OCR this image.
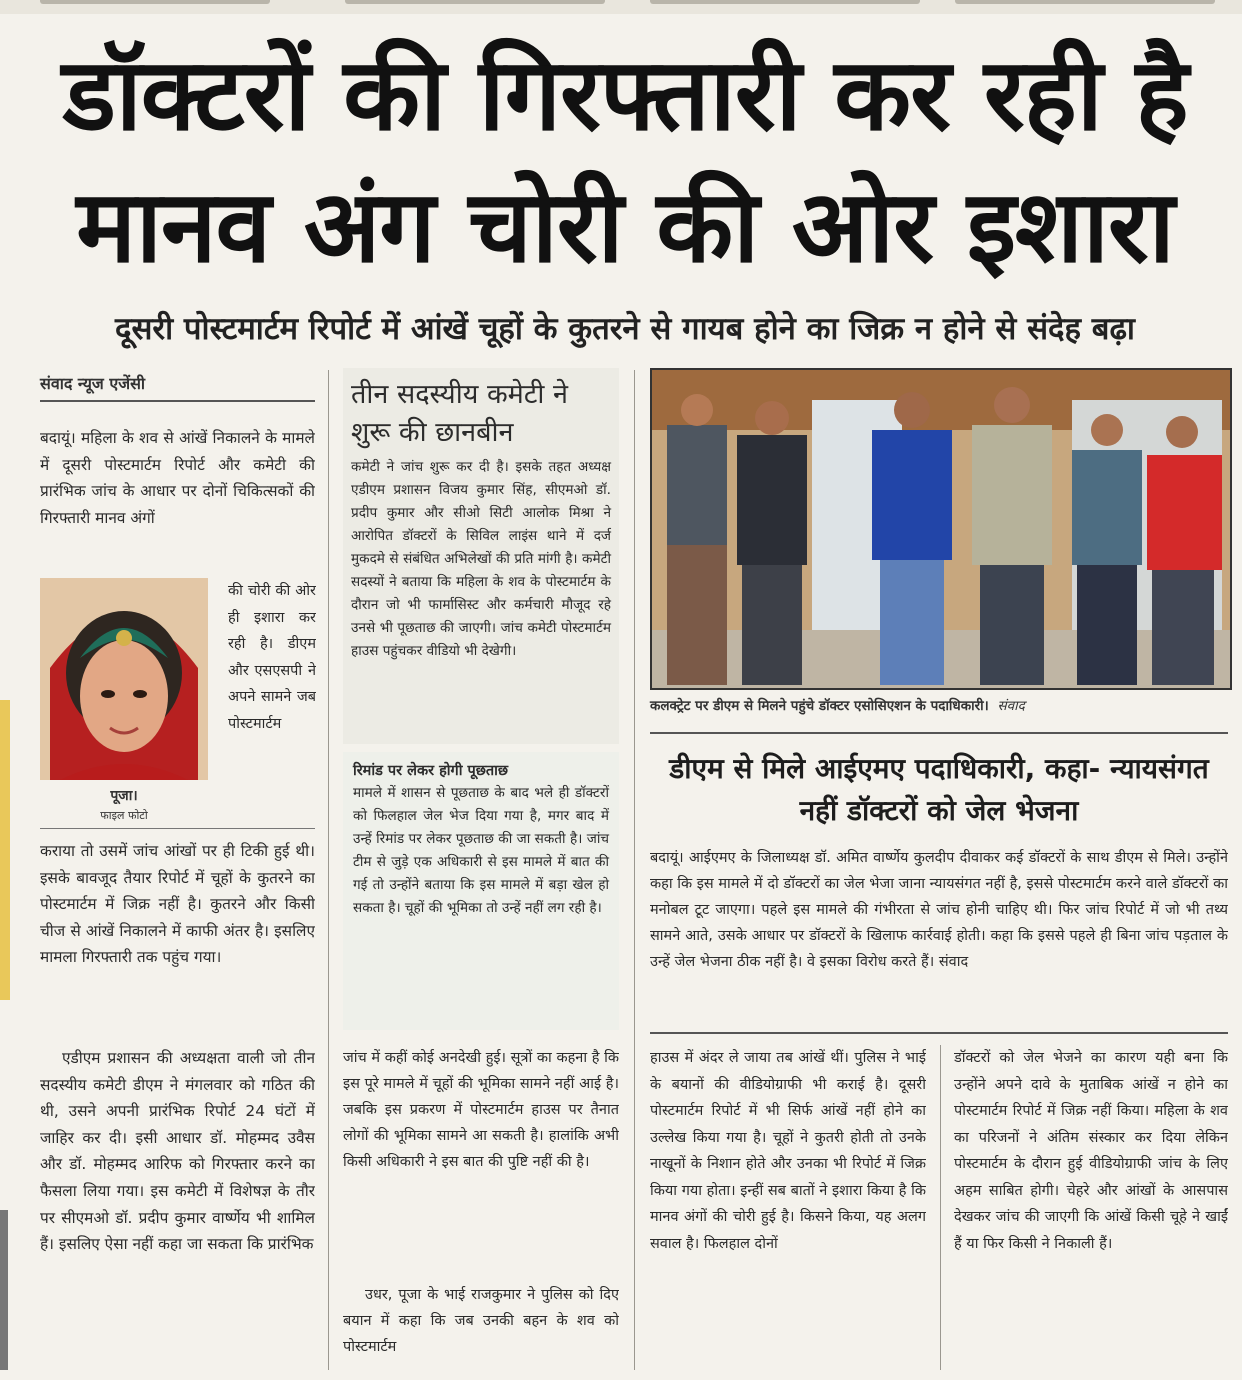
डॉक्टरों की गिरफ्तारी कर रही है
मानव अंग चोरी की ओर इशारा
दूसरी पोस्टमार्टम रिपोर्ट में आंखें चूहों के कुतरने से गायब होने का जिक्र न होने से संदेह बढ़ा
संवाद न्यूज एजेंसी

बदायूं। महिला के शव से आंखें निकालने के मामले में दूसरी पोस्टमार्टम रिपोर्ट और कमेटी की प्रारंभिक जांच के आधार पर दोनों चिकित्सकों की गिरफ्तारी मानव अंगों

पूजा।
फाइल फोटो

की चोरी की ओर ही इशारा कर रही है। डीएम और एसएसपी ने अपने सामने जब पोस्टमार्टम

कराया तो उसमें जांच आंखों पर ही टिकी हुई थी। इसके बावजूद तैयार रिपोर्ट में चूहों के कुतरने का पोस्टमार्टम में जिक्र नहीं है। कुतरने और किसी चीज से आंखें निकालने में काफी अंतर है। इसलिए मामला गिरफ्तारी तक पहुंच गया।

एडीएम प्रशासन की अध्यक्षता वाली जो तीन सदस्यीय कमेटी डीएम ने मंगलवार को गठित की थी, उसने अपनी प्रारंभिक रिपोर्ट 24 घंटों में जाहिर कर दी। इसी आधार डॉ. मोहम्मद उवैस और डॉ. मोहम्मद आरिफ को गिरफ्तार करने का फैसला लिया गया। इस कमेटी में विशेषज्ञ के तौर पर सीएमओ डॉ. प्रदीप कुमार वार्ष्णेय भी शामिल हैं। इसलिए ऐसा नहीं कहा जा सकता कि प्रारंभिक

तीन सदस्यीय कमेटी ने शुरू की छानबीन
कमेटी ने जांच शुरू कर दी है। इसके तहत अध्यक्ष एडीएम प्रशासन विजय कुमार सिंह, सीएमओ डॉ. प्रदीप कुमार और सीओ सिटी आलोक मिश्रा ने आरोपित डॉक्टरों के सिविल लाइंस थाने में दर्ज मुकदमे से संबंधित अभिलेखों की प्रति मांगी है। कमेटी सदस्यों ने बताया कि महिला के शव के पोस्टमार्टम के दौरान जो भी फार्मासिस्ट और कर्मचारी मौजूद रहे उनसे भी पूछताछ की जाएगी। जांच कमेटी पोस्टमार्टम हाउस पहुंचकर वीडियो भी देखेगी।
रिमांड पर लेकर होगी पूछताछ
मामले में शासन से पूछताछ के बाद भले ही डॉक्टरों को फिलहाल जेल भेज दिया गया है, मगर बाद में उन्हें रिमांड पर लेकर पूछताछ की जा सकती है। जांच टीम से जुड़े एक अधिकारी से इस मामले में बात की गई तो उन्होंने बताया कि इस मामले में बड़ा खेल हो सकता है। चूहों की भूमिका तो उन्हें नहीं लग रही है।

जांच में कहीं कोई अनदेखी हुई। सूत्रों का कहना है कि इस पूरे मामले में चूहों की भूमिका सामने नहीं आई है। जबकि इस प्रकरण में पोस्टमार्टम हाउस पर तैनात लोगों की भूमिका सामने आ सकती है। हालांकि अभी किसी अधिकारी ने इस बात की पुष्टि नहीं की है।

उधर, पूजा के भाई राजकुमार ने पुलिस को दिए बयान में कहा कि जब उनकी बहन के शव को पोस्टमार्टम

कलक्ट्रेट पर डीएम से मिलने पहुंचे डॉक्टर एसोसिएशन के पदाधिकारी। संवाद
डीएम से मिले आईएमए पदाधिकारी, कहा- न्यायसंगत नहीं डॉक्टरों को जेल भेजना

बदायूं। आईएमए के जिलाध्यक्ष डॉ. अमित वार्ष्णेय कुलदीप दीवाकर कई डॉक्टरों के साथ डीएम से मिले। उन्होंने कहा कि इस मामले में दो डॉक्टरों का जेल भेजा जाना न्यायसंगत नहीं है, इससे पोस्टमार्टम करने वाले डॉक्टरों का मनोबल टूट जाएगा। पहले इस मामले की गंभीरता से जांच होनी चाहिए थी। फिर जांच रिपोर्ट में जो भी तथ्य सामने आते, उसके आधार पर डॉक्टरों के खिलाफ कार्रवाई होती। कहा कि इससे पहले ही बिना जांच पड़ताल के उन्हें जेल भेजना ठीक नहीं है। वे इसका विरोध करते हैं। संवाद

हाउस में अंदर ले जाया तब आंखें थीं। पुलिस ने भाई के बयानों की वीडियोग्राफी भी कराई है। दूसरी पोस्टमार्टम रिपोर्ट में भी सिर्फ आंखें नहीं होने का उल्लेख किया गया है। चूहों ने कुतरी होती तो उनके नाखूनों के निशान होते और उनका भी रिपोर्ट में जिक्र किया गया होता। इन्हीं सब बातों ने इशारा किया है कि मानव अंगों की चोरी हुई है। किसने किया, यह अलग सवाल है। फिलहाल दोनों

डॉक्टरों को जेल भेजने का कारण यही बना कि उन्होंने अपने दावे के मुताबिक आंखें न होने का पोस्टमार्टम रिपोर्ट में जिक्र नहीं किया। महिला के शव का परिजनों ने अंतिम संस्कार कर दिया लेकिन पोस्टमार्टम के दौरान हुई वीडियोग्राफी जांच के लिए अहम साबित होगी। चेहरे और आंखों के आसपास देखकर जांच की जाएगी कि आंखें किसी चूहे ने खाईं हैं या फिर किसी ने निकाली हैं।
